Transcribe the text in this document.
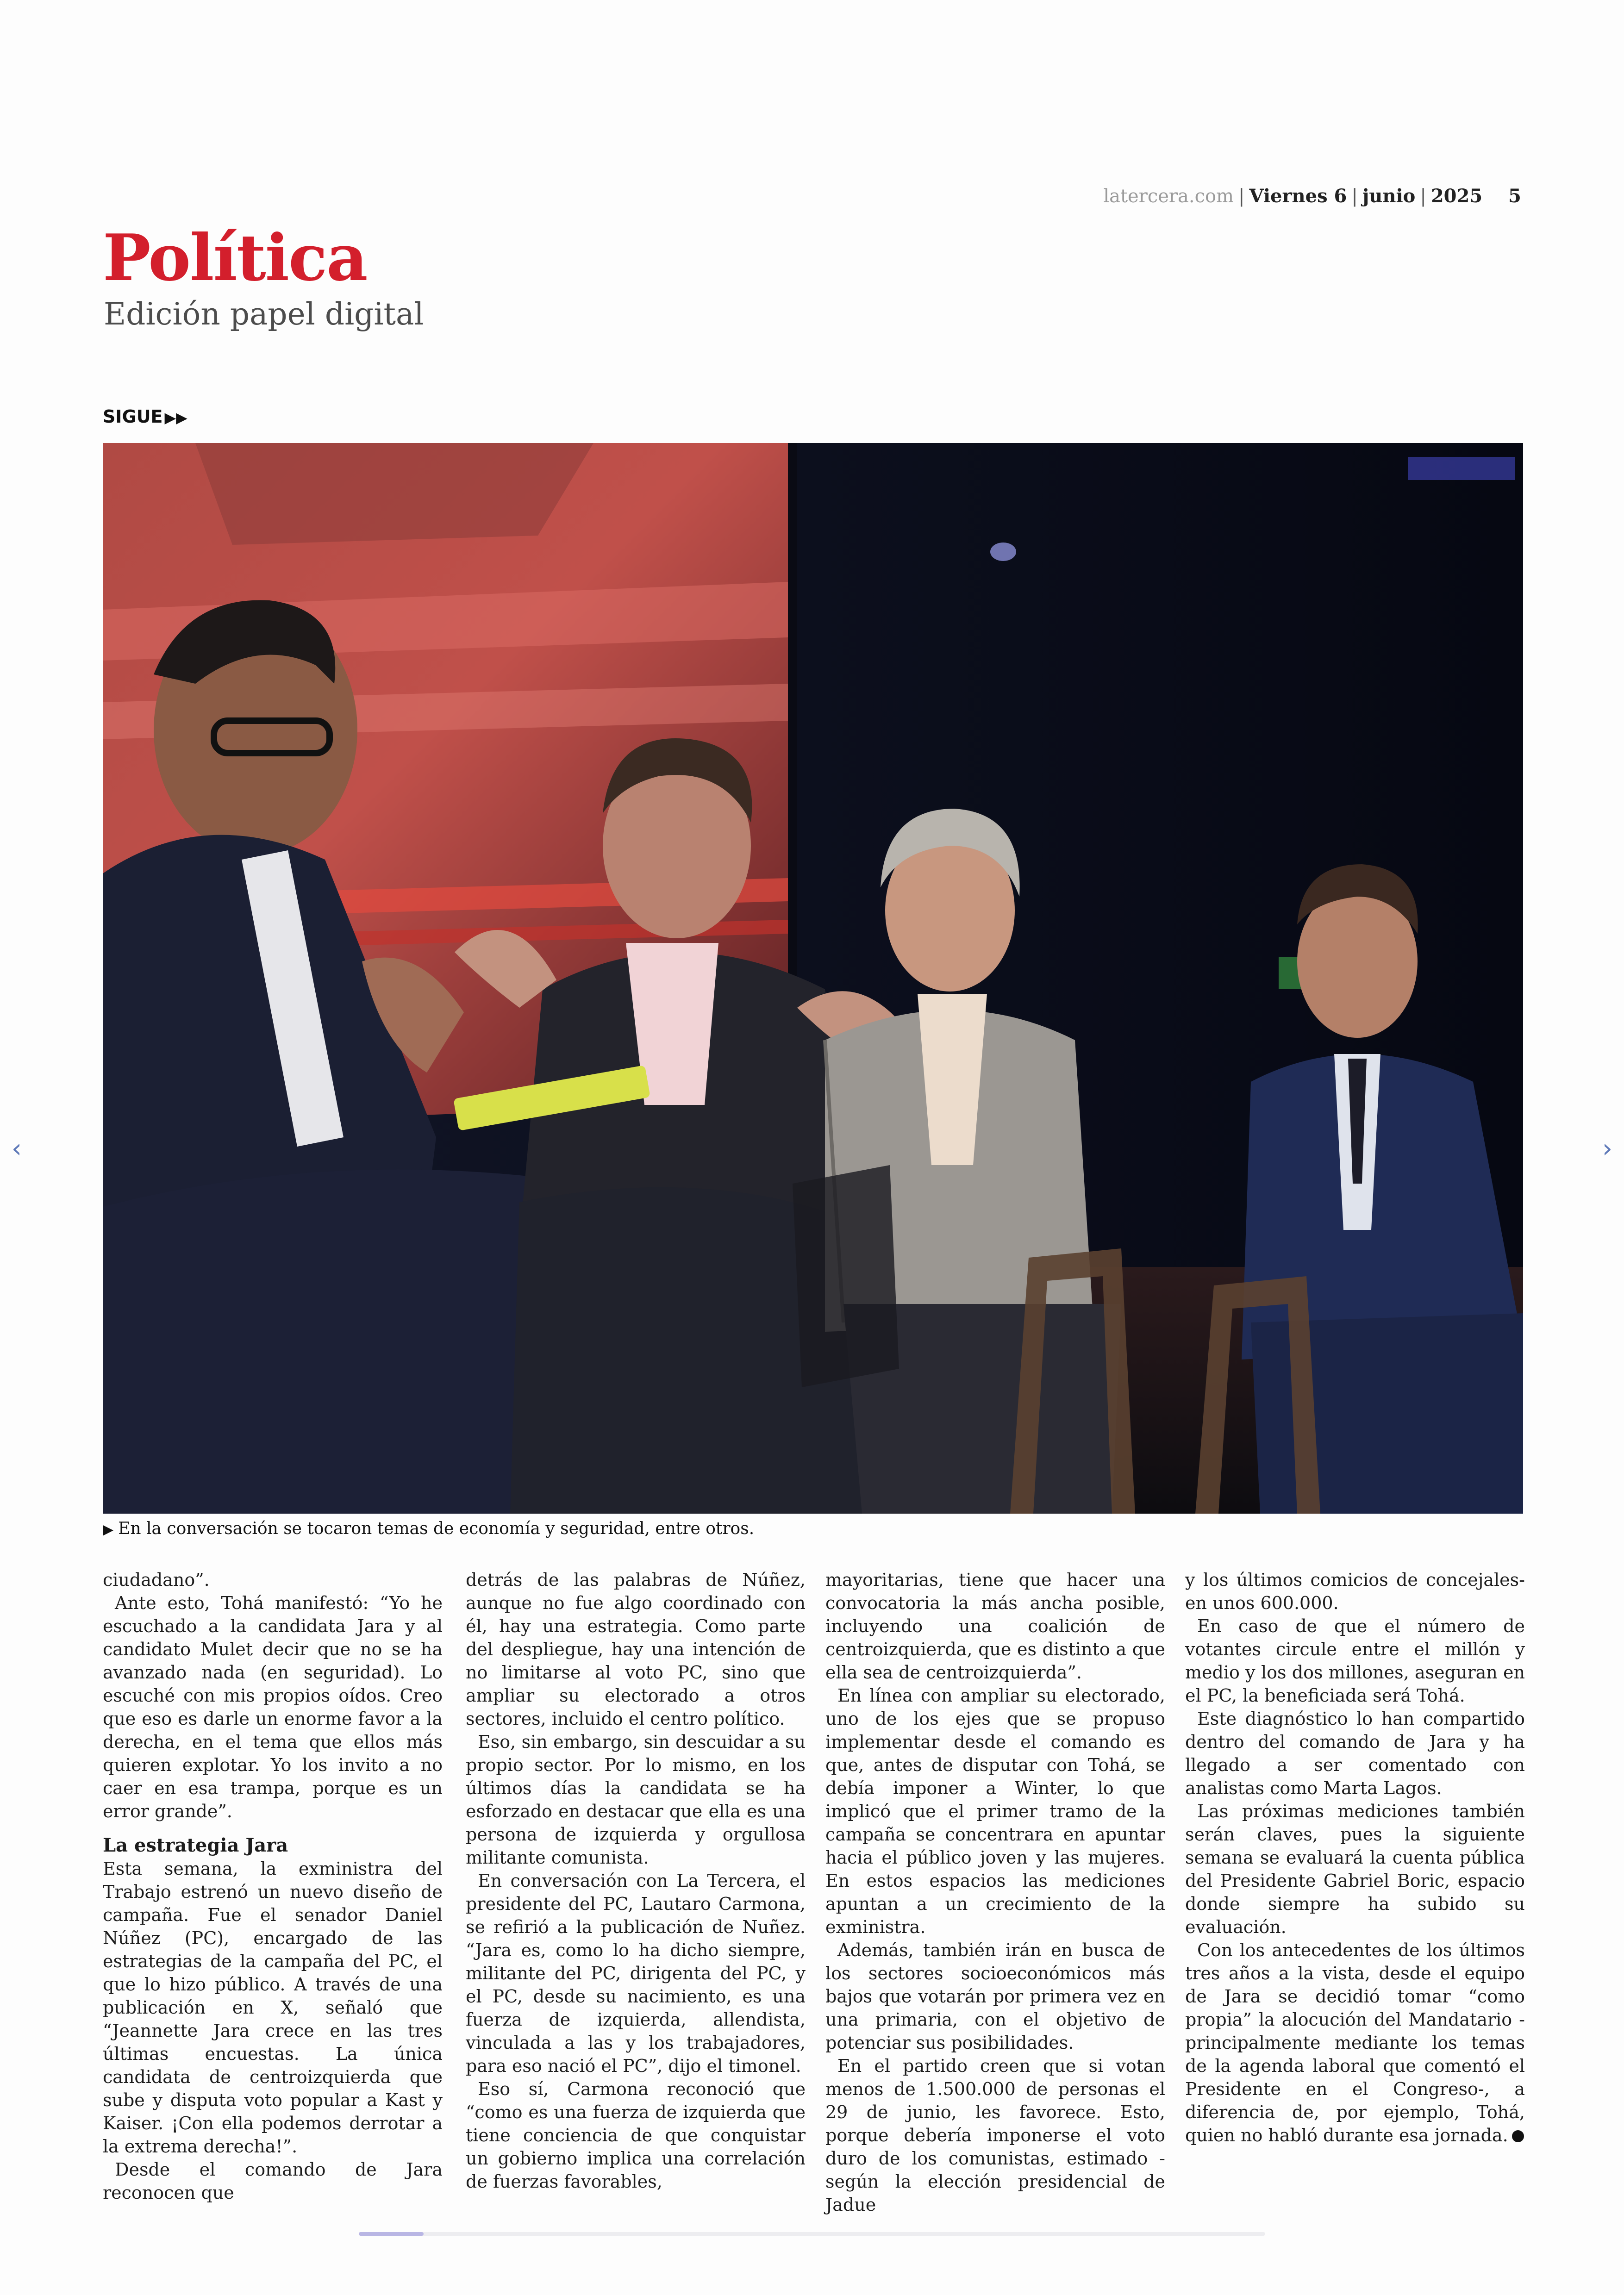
latercera.com | Viernes 6 | junio | 2025 5
Política
Edición papel digital
SIGUE ▶▶
▶ En la conversación se tocaron temas de economía y seguridad, entre otros.
‹	›

ciudadano”.

Ante esto, Tohá manifestó: “Yo he escuchado a la candidata Jara y al candidato Mulet decir que no se ha avanzado nada (en seguridad). Lo escuché con mis propios oídos. Creo que eso es darle un enorme favor a la derecha, en el tema que ellos más quieren explotar. Yo los invito a no caer en esa trampa, porque es un error grande”.

La estrategia Jara

Esta semana, la exministra del Trabajo estrenó un nuevo diseño de campaña. Fue el senador Daniel Núñez (PC), encargado de las estrategias de la campaña del PC, el que lo hizo público. A través de una publicación en X, señaló que “Jeannette Jara crece en las tres últimas encuestas. La única candidata de centroizquierda que sube y disputa voto popular a Kast y Kaiser. ¡Con ella podemos derrotar a la extrema derecha!”.

Desde el comando de Jara reconocen que

detrás de las palabras de Núñez, aunque no fue algo coordinado con él, hay una estrategia. Como parte del despliegue, hay una intención de no limitarse al voto PC, sino que ampliar su electorado a otros sectores, incluido el centro político.

Eso, sin embargo, sin descuidar a su propio sector. Por lo mismo, en los últimos días la candidata se ha esforzado en destacar que ella es una persona de izquierda y orgullosa militante comunista.

En conversación con La Tercera, el presidente del PC, Lautaro Carmona, se refirió a la publicación de Nuñez. “Jara es, como lo ha dicho siempre, militante del PC, dirigenta del PC, y el PC, desde su nacimiento, es una fuerza de izquierda, allendista, vinculada a las y los trabajadores, para eso nació el PC”, dijo el timonel.

Eso sí, Carmona reconoció que “como es una fuerza de izquierda que tiene conciencia de que conquistar un gobierno implica una correlación de fuerzas favorables,

mayoritarias, tiene que hacer una convocatoria la más ancha posible, incluyendo una coalición de centroizquierda, que es distinto a que ella sea de centroizquierda”.

En línea con ampliar su electorado, uno de los ejes que se propuso implementar desde el comando es que, antes de disputar con Tohá, se debía imponer a Winter, lo que implicó que el primer tramo de la campaña se concentrara en apuntar hacia el público joven y las mujeres. En estos espacios las mediciones apuntan a un crecimiento de la exministra.

Además, también irán en busca de los sectores socioeconómicos más bajos que votarán por primera vez en una primaria, con el objetivo de potenciar sus posibilidades.

En el partido creen que si votan menos de 1.500.000 de personas el 29 de junio, les favorece. Esto, porque debería imponerse el voto duro de los comunistas, estimado -según la elección presidencial de Jadue

y los últimos comicios de concejales- en unos 600.000.

En caso de que el número de votantes circule entre el millón y medio y los dos millones, aseguran en el PC, la beneficiada será Tohá.

Este diagnóstico lo han compartido dentro del comando de Jara y ha llegado a ser comentado con analistas como Marta Lagos.

Las próximas mediciones también serán claves, pues la siguiente semana se evaluará la cuenta pública del Presidente Gabriel Boric, espacio donde siempre ha subido su evaluación.

Con los antecedentes de los últimos tres años a la vista, desde el equipo de Jara se decidió tomar “como propia” la alocución del Mandatario -principalmente mediante los temas de la agenda laboral que comentó el Presidente en el Congreso-, a diferencia de, por ejemplo, Tohá, quien no habló durante esa jornada.
